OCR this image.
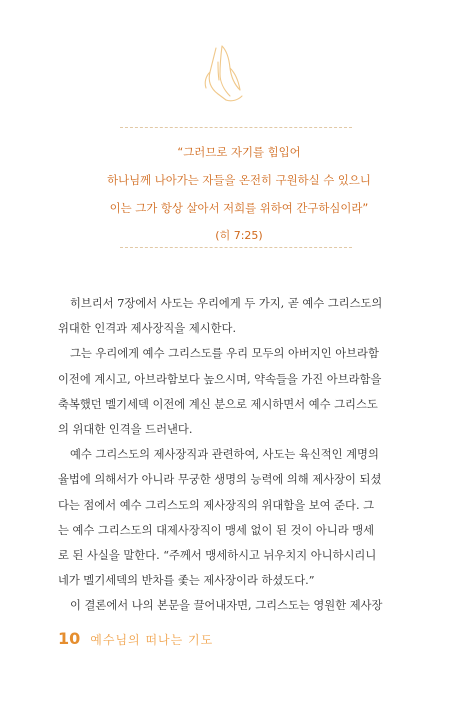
“그러므로 자기를 힘입어

하나님께 나아가는 자들을 온전히 구원하실 수 있으니

이는 그가 항상 살아서 저희를 위하여 간구하심이라”

(히 7:25)

히브리서 7장에서 사도는 우리에게 두 가지, 곧 예수 그리스도의
위대한 인격과 제사장직을 제시한다.
그는 우리에게 예수 그리스도를 우리 모두의 아버지인 아브라함
이전에 계시고, 아브라함보다 높으시며, 약속들을 가진 아브라함을
축복했던 멜기세덱 이전에 계신 분으로 제시하면서 예수 그리스도
의 위대한 인격을 드러낸다.
예수 그리스도의 제사장직과 관련하여, 사도는 육신적인 계명의
율법에 의해서가 아니라 무궁한 생명의 능력에 의해 제사장이 되셨
다는 점에서 예수 그리스도의 제사장직의 위대함을 보여 준다. 그
는 예수 그리스도의 대제사장직이 맹세 없이 된 것이 아니라 맹세
로 된 사실을 말한다. “주께서 맹세하시고 뉘우치지 아니하시리니
네가 멜기세덱의 반차를 좇는 제사장이라 하셨도다.”
이 결론에서 나의 본문을 끌어내자면, 그리스도는 영원한 제사장
10 예수님의 떠나는 기도
